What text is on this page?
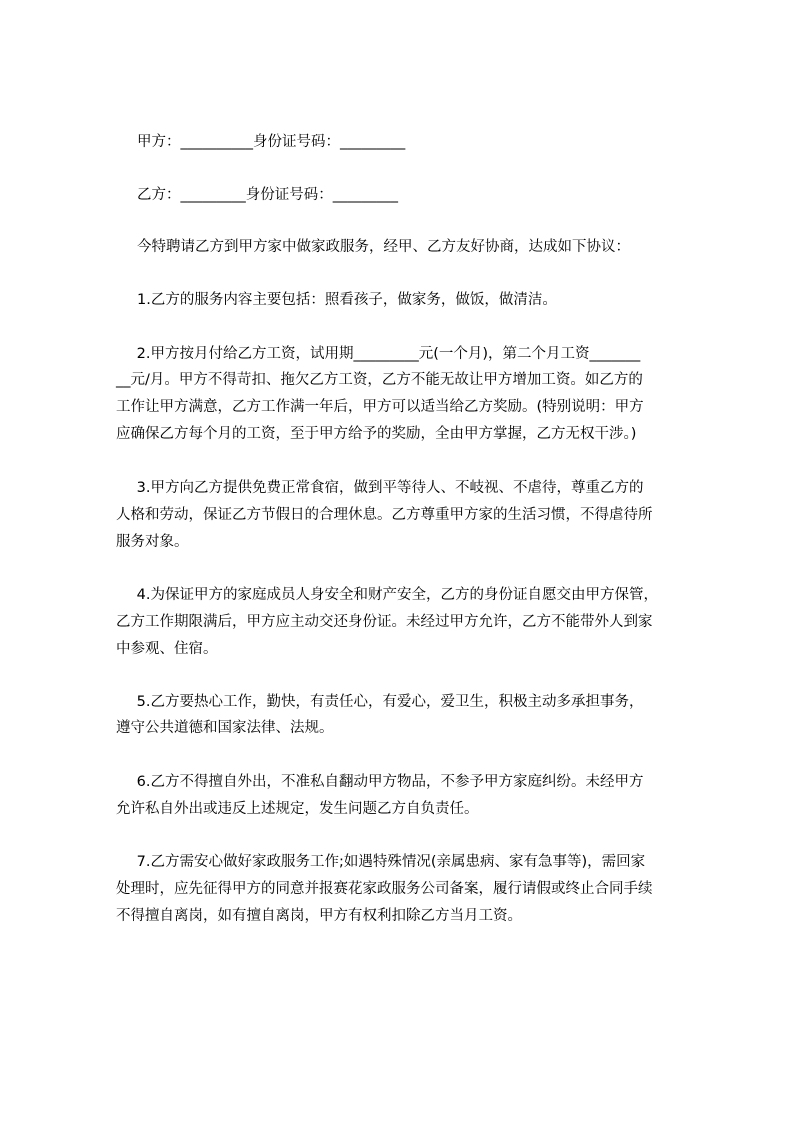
甲方：__________身份证号码：_________
乙方：_________身份证号码：_________
今特聘请乙方到甲方家中做家政服务，经甲、乙方友好协商，达成如下协议：
1.乙方的服务内容主要包括：照看孩子，做家务，做饭，做清洁。
2.甲方按月付给乙方工资，试用期_________元(一个月)，第二个月工资_______
__元/月。甲方不得苛扣、拖欠乙方工资，乙方不能无故让甲方增加工资。如乙方的
工作让甲方满意，乙方工作满一年后，甲方可以适当给乙方奖励。(特别说明：甲方
应确保乙方每个月的工资，至于甲方给予的奖励，全由甲方掌握，乙方无权干涉。)
3.甲方向乙方提供免费正常食宿，做到平等待人、不岐视、不虐待，尊重乙方的
人格和劳动，保证乙方节假日的合理休息。乙方尊重甲方家的生活习惯，不得虐待所
服务对象。
4.为保证甲方的家庭成员人身安全和财产安全，乙方的身份证自愿交由甲方保管，
乙方工作期限满后，甲方应主动交还身份证。未经过甲方允许，乙方不能带外人到家
中参观、住宿。
5.乙方要热心工作，勤快，有责任心，有爱心，爱卫生，积极主动多承担事务，
遵守公共道德和国家法律、法规。
6.乙方不得擅自外出，不准私自翻动甲方物品，不参予甲方家庭纠纷。未经甲方
允许私自外出或违反上述规定，发生问题乙方自负责任。
7.乙方需安心做好家政服务工作;如遇特殊情况(亲属患病、家有急事等)，需回家
处理时，应先征得甲方的同意并报赛花家政服务公司备案，履行请假或终止合同手续
不得擅自离岗，如有擅自离岗，甲方有权利扣除乙方当月工资。
